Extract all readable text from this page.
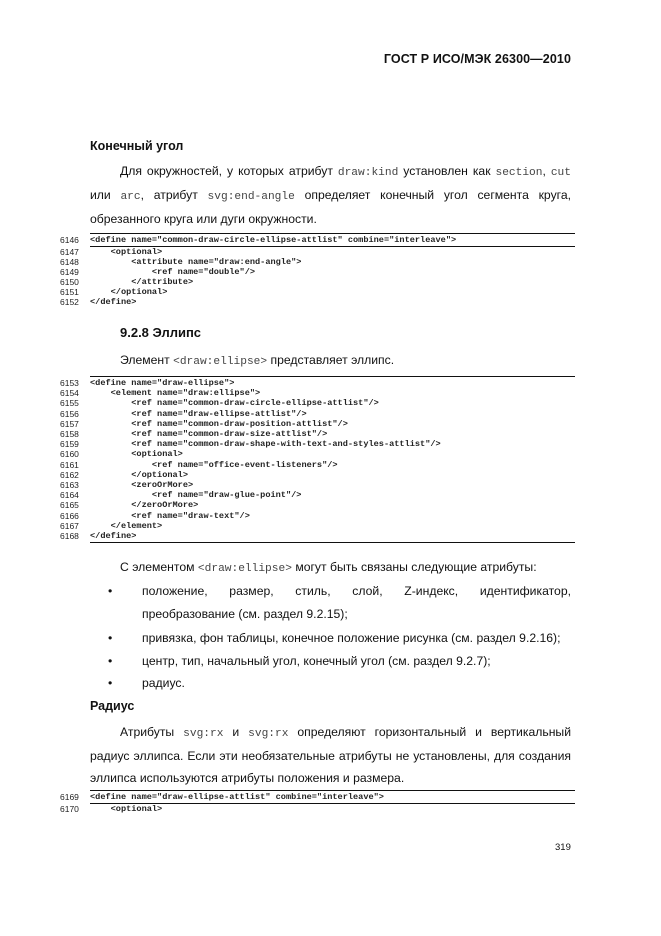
ГОСТ Р ИСО/МЭК 26300—2010
Конечный угол
Для окружностей, у которых атрибут draw:kind установлен как section, cut или arc, атрибут svg:end-angle определяет конечный угол сегмента круга, обрезанного круга или дуги окружности.
6146	<define name="common-draw-circle-ellipse-attlist" combine="interleave">
6147	<optional>
6148	<attribute name="draw:end-angle">
6149	<ref name="double"/>
6150	</attribute>
6151	</optional>
6152	</define>
9.2.8 Эллипс
Элемент <draw:ellipse> представляет эллипс.
6153	<define name="draw-ellipse">
6154	<element name="draw:ellipse">
6155	<ref name="common-draw-circle-ellipse-attlist"/>
6156	<ref name="draw-ellipse-attlist"/>
6157	<ref name="common-draw-position-attlist"/>
6158	<ref name="common-draw-size-attlist"/>
6159	<ref name="common-draw-shape-with-text-and-styles-attlist"/>
6160	<optional>
6161	<ref name="office-event-listeners"/>
6162	</optional>
6163	<zeroOrMore>
6164	<ref name="draw-glue-point"/>
6165	</zeroOrMore>
6166	<ref name="draw-text"/>
6167	</element>
6168	</define>
С элементом <draw:ellipse> могут быть связаны следующие атрибуты:
• положение, размер, стиль, слой, Z-индекс, идентификатор,
преобразование (см. раздел 9.2.15);
• привязка, фон таблицы, конечное положение рисунка (см. раздел 9.2.16);
• центр, тип, начальный угол, конечный угол (см. раздел 9.2.7);
• радиус.
Радиус
Атрибуты svg:rx и svg:rx определяют горизонтальный и вертикальный радиус эллипса. Если эти необязательные атрибуты не установлены, для создания эллипса используются атрибуты положения и размера.
6169	<define name="draw-ellipse-attlist" combine="interleave">
6170	<optional>
319
